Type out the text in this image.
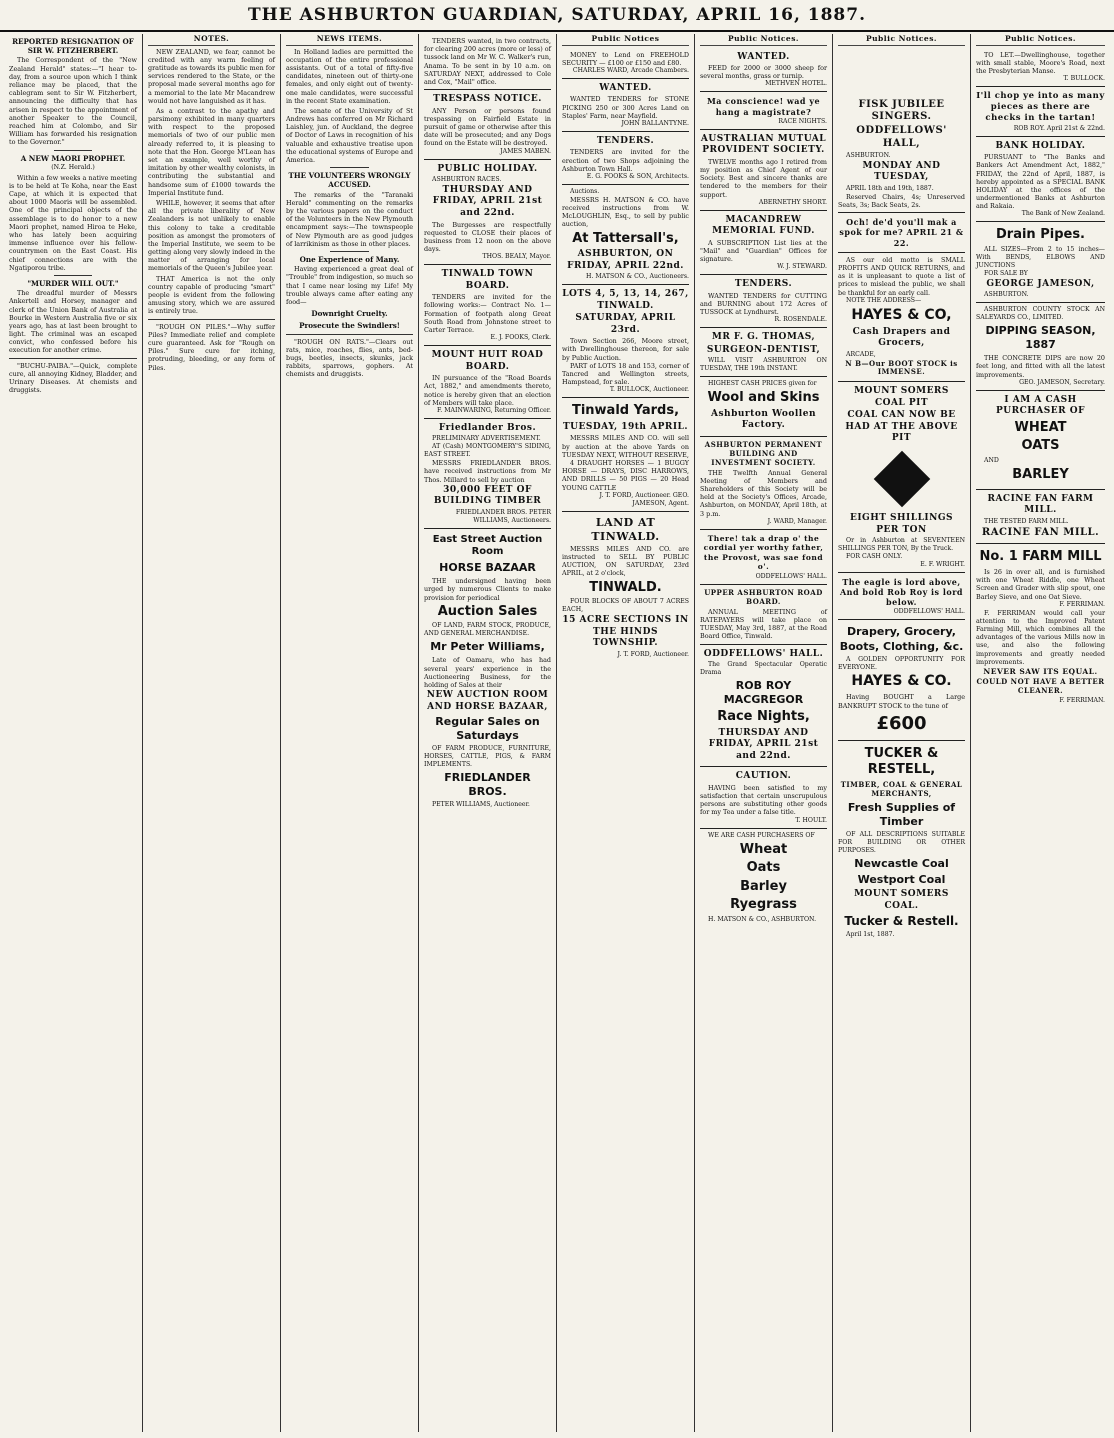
THE ASHBURTON GUARDIAN, SATURDAY, APRIL 16, 1887.
REPORTED RESIGNATION OF SIR W. FITZHERBERT.

The Correspondent of the "New Zealand Herald" states:—"I hear to-day, from a source upon which I think reliance may be placed, that the cablegram sent to Sir W. Fitzherbert, announcing the difficulty that has arisen in respect to the appointment of another Speaker to the Council, reached him at Colombo, and Sir William has forwarded his resignation to the Governor."

A NEW MAORI PROPHET.
(N.Z. Herald.)

Within a few weeks a native meeting is to be held at Te Koha, near the East Cape, at which it is expected that about 1000 Maoris will be assembled. One of the principal objects of the assemblage is to do honor to a new Maori prophet, named Hiroa te Heke, who has lately been acquiring immense influence over his fellow-countrymen on the East Coast. His chief connections are with the Ngatiporou tribe.

"MURDER WILL OUT."

The dreadful murder of Messrs Ankertell and Horsey, manager and clerk of the Union Bank of Australia at Bourke in Western Australia five or six years ago, has at last been brought to light. The criminal was an escaped convict, who confessed before his execution for another crime.

"BUCHU-PAIBA."—Quick, complete cure, all annoying Kidney, Bladder, and Urinary Diseases. At chemists and druggists.

NOTES.

NEW ZEALAND, we fear, cannot be credited with any warm feeling of gratitude as towards its public men for services rendered to the State, or the proposal made several months ago for a memorial to the late Mr Macandrew would not have languished as it has.

As a contrast to the apathy and parsimony exhibited in many quarters with respect to the proposed memorials of two of our public men already referred to, it is pleasing to note that the Hon. George M'Lean has set an example, well worthy of imitation by other wealthy colonists, in contributing the substantial and handsome sum of £1000 towards the Imperial Institute fund.

WHILE, however, it seems that after all the private liberality of New Zealanders is not unlikely to enable this colony to take a creditable position as amongst the promoters of the Imperial Institute, we seem to be getting along very slowly indeed in the matter of arranging for local memorials of the Queen's Jubilee year.

THAT America is not the only country capable of producing "smart" people is evident from the following amusing story, which we are assured is entirely true.

"ROUGH ON PILES."—Why suffer Piles? Immediate relief and complete cure guaranteed. Ask for "Rough on Piles." Sure cure for itching, protruding, bleeding, or any form of Piles.

NEWS ITEMS.

In Holland ladies are permitted the occupation of the entire professional assistants. Out of a total of fifty-five candidates, nineteen out of thirty-one females, and only eight out of twenty-one male candidates, were successful in the recent State examination.

The senate of the University of St Andrews has conferred on Mr Richard Laishley, jun. of Auckland, the degree of Doctor of Laws in recognition of his valuable and exhaustive treatise upon the educational systems of Europe and America.

THE VOLUNTEERS WRONGLY ACCUSED.

The remarks of the "Taranaki Herald" commenting on the remarks by the various papers on the conduct of the Volunteers in the New Plymouth encampment says:—The townspeople of New Plymouth are as good judges of larrikinism as those in other places.

One Experience of Many.

Having experienced a great deal of "Trouble" from indigestion, so much so that I came near losing my Life! My trouble always came after eating any food—

Downright Cruelty.
Prosecute the Swindlers!

"ROUGH ON RATS."—Clears out rats, mice, roaches, flies, ants, bed-bugs, beetles, insects, skunks, jack rabbits, sparrows, gophers. At chemists and druggists.

TENDERS wanted, in two contracts, for clearing 200 acres (more or less) of tussock land on Mr W. C. Walker's run, Anama. To be sent in by 10 a.m. on SATURDAY NEXT, addressed to Cole and Cox, "Mail" office.

TRESPASS NOTICE.

ANY Person or persons found trespassing on Fairfield Estate in pursuit of game or otherwise after this date will be prosecuted; and any Dogs found on the Estate will be destroyed.

JAMES MABEN.

PUBLIC HOLIDAY.

ASHBURTON RACES.

THURSDAY AND FRIDAY, APRIL 21st and 22nd.

The Burgesses are respectfully requested to CLOSE their places of business from 12 noon on the above days.

THOS. BEALY, Mayor.

TINWALD TOWN BOARD.

TENDERS are invited for the following works:— Contract No. 1—Formation of footpath along Great South Road from Johnstone street to Carter Terrace.

E. J. FOOKS, Clerk.

MOUNT HUIT ROAD BOARD.

IN pursuance of the "Road Boards Act, 1882," and amendments thereto, notice is hereby given that an election of Members will take place.

F. MAINWARING, Returning Officer.

Friedlander Bros.

PRELIMINARY ADVERTISEMENT.

AT (Cash) MONTGOMERY'S SIDING, EAST STREET.

MESSRS FRIEDLANDER BROS. have received instructions from Mr Thos. Millard to sell by auction

30,000 FEET OF BUILDING TIMBER

FRIEDLANDER BROS. PETER WILLIAMS, Auctioneers.

East Street Auction Room
HORSE BAZAAR

THE undersigned having been urged by numerous Clients to make provision for periodical

Auction Sales

OF LAND, FARM STOCK, PRODUCE, AND GENERAL MERCHANDISE.

Mr Peter Williams,

Late of Oamaru, who has had several years' experience in the Auctioneering Business, for the holding of Sales at their

NEW AUCTION ROOM AND HORSE BAZAAR,
Regular Sales on Saturdays

OF FARM PRODUCE, FURNITURE, HORSES, CATTLE, PIGS, & FARM IMPLEMENTS.

FRIEDLANDER BROS.

PETER WILLIAMS, Auctioneer.

Public Notices

MONEY to Lend on FREEHOLD SECURITY — £100 or £150 and £80.

CHARLES WARD, Arcade Chambers.

WANTED.

WANTED TENDERS for STONE PICKING 250 or 300 Acres Land on Staples' Farm, near Mayfield.

JOHN BALLANTYNE.

TENDERS.

TENDERS are invited for the erection of two Shops adjoining the Ashburton Town Hall.

E. G. FOOKS & SON, Architects.

Auctions.

MESSRS H. MATSON & CO. have received instructions from W. McLOUGHLIN, Esq., to sell by public auction,

At Tattersall's,
ASHBURTON, ON FRIDAY, APRIL 22nd.

H. MATSON & CO., Auctioneers.

LOTS 4, 5, 13, 14, 267, TINWALD.
SATURDAY, APRIL 23rd.

Town Section 266, Moore street, with Dwellinghouse thereon, for sale by Public Auction.

PART of LOTS 18 and 153, corner of Tancred and Wellington streets, Hampstead, for sale.

T. BULLOCK, Auctioneer.

Tinwald Yards,
TUESDAY, 19th APRIL.

MESSRS MILES AND CO. will sell by auction at the above Yards on TUESDAY NEXT, WITHOUT RESERVE,

4 DRAUGHT HORSES — 1 BUGGY HORSE — DRAYS, DISC HARROWS, AND DRILLS — 50 PIGS — 20 Head YOUNG CATTLE

J. T. FORD, Auctioneer. GEO. JAMESON, Agent.

LAND AT TINWALD.

MESSRS MILES AND CO. are instructed to SELL BY PUBLIC AUCTION, ON SATURDAY, 23rd APRIL, at 2 o'clock,

TINWALD.

FOUR BLOCKS OF ABOUT 7 ACRES EACH,

15 ACRE SECTIONS IN THE HINDS TOWNSHIP.

J. T. FORD, Auctioneer.

Public Notices.
WANTED.

FEED for 2000 or 3000 sheep for several months, grass or turnip.

METHVEN HOTEL.

Ma conscience! wad ye hang a magistrate?

RACE NIGHTS.

AUSTRALIAN MUTUAL PROVIDENT SOCIETY.

TWELVE months ago I retired from my position as Chief Agent of our Society. Best and sincere thanks are tendered to the members for their support.

ABERNETHY SHORT.

MACANDREW MEMORIAL FUND.

A SUBSCRIPTION List lies at the "Mail" and "Guardian" Offices for signature.

W. J. STEWARD.

TENDERS.

WANTED TENDERS for CUTTING and BURNING about 172 Acres of TUSSOCK at Lyndhurst.

R. ROSENDALE.

MR F. G. THOMAS,
SURGEON-DENTIST,

WILL VISIT ASHBURTON ON TUESDAY, THE 19th INSTANT.

HIGHEST CASH PRICES given for

Wool and Skins
Ashburton Woollen Factory.
ASHBURTON PERMANENT BUILDING AND INVESTMENT SOCIETY.

THE Twelfth Annual General Meeting of Members and Shareholders of this Society will be held at the Society's Offices, Arcade, Ashburton, on MONDAY, April 18th, at 3 p.m.

J. WARD, Manager.

There! tak a drap o' the cordial yer worthy father, the Provost, was sae fond o'.

ODDFELLOWS' HALL.

UPPER ASHBURTON ROAD BOARD.

ANNUAL MEETING of RATEPAYERS will take place on TUESDAY, May 3rd, 1887, at the Road Board Office, Tinwald.

ODDFELLOWS' HALL.

The Grand Spectacular Operatic Drama

ROB ROY MACGREGOR
Race Nights,
THURSDAY AND FRIDAY, APRIL 21st and 22nd.
CAUTION.

HAVING been satisfied to my satisfaction that certain unscrupulous persons are substituting other goods for my Tea under a false title.

T. HOULT.

WE ARE CASH PURCHASERS OF

Wheat
Oats
Barley
Ryegrass

H. MATSON & CO., ASHBURTON.

Public Notices.
FISK JUBILEE SINGERS.
ODDFELLOWS' HALL,

ASHBURTON.

MONDAY AND TUESDAY,

APRIL 18th and 19th, 1887.

Reserved Chairs, 4s; Unreserved Seats, 3s; Back Seats, 2s.

Och! de'd you'll mak a spok for me? APRIL 21 & 22.

AS our old motto is SMALL PROFITS AND QUICK RETURNS, and as it is unpleasant to quote a list of prices to mislead the public, we shall be thankful for an early call.

NOTE THE ADDRESS—

HAYES & CO,
Cash Drapers and Grocers,

ARCADE,

N B—Our BOOT STOCK is IMMENSE.
MOUNT SOMERS COAL PIT
COAL CAN NOW BE HAD AT THE ABOVE PIT
EIGHT SHILLINGS PER TON

Or in Ashburton at SEVENTEEN SHILLINGS PER TON, By the Truck.

FOR CASH ONLY.

E. F. WRIGHT.

The eagle is lord above, And bold Rob Roy is lord below.

ODDFELLOWS' HALL.

Drapery, Grocery, Boots, Clothing, &c.

A GOLDEN OPPORTUNITY FOR EVERYONE.

HAYES & CO.

Having BOUGHT a Large BANKRUPT STOCK to the tune of

£600
TUCKER & RESTELL,
TIMBER, COAL & GENERAL MERCHANTS,
Fresh Supplies of Timber

OF ALL DESCRIPTIONS SUITABLE FOR BUILDING OR OTHER PURPOSES.

Newcastle Coal
Westport Coal
MOUNT SOMERS COAL.
Tucker & Restell.

April 1st, 1887.

Public Notices.

TO LET.—Dwellinghouse, together with small stable, Moore's Road, next the Presbyterian Manse.

T. BULLOCK.

I'll chop ye into as many pieces as there are checks in the tartan!

ROB ROY. April 21st & 22nd.

BANK HOLIDAY.

PURSUANT to "The Banks and Bankers Act Amendment Act, 1882," FRIDAY, the 22nd of April, 1887, is hereby appointed as a SPECIAL BANK HOLIDAY at the offices of the undermentioned Banks at Ashburton and Rakaia.

The Bank of New Zealand.

Drain Pipes.

ALL SIZES—From 2 to 15 inches— With BENDS, ELBOWS AND JUNCTIONS

FOR SALE BY

GEORGE JAMESON,

ASHBURTON.

ASHBURTON COUNTY STOCK AN SALEYARDS CO., LIMITED.

DIPPING SEASON, 1887

THE CONCRETE DIPS are now 20 feet long, and fitted with all the latest improvements.

GEO. JAMESON, Secretary.

I AM A CASH PURCHASER OF
WHEAT
OATS

AND

BARLEY
RACINE FAN FARM MILL.

THE TESTED FARM MILL.

RACINE FAN MILL.
No. 1 FARM MILL

Is 26 in over all, and is furnished with one Wheat Riddle, one Wheat Screen and Grader with slip spout, one Barley Sieve, and one Oat Sieve.

F. FERRIMAN.

F. FERRIMAN would call your attention to the Improved Patent Farming Mill, which combines all the advantages of the various Mills now in use, and also the following improvements and greatly needed improvements.

NEVER SAW ITS EQUAL.
COULD NOT HAVE A BETTER CLEANER.

F. FERRIMAN.
